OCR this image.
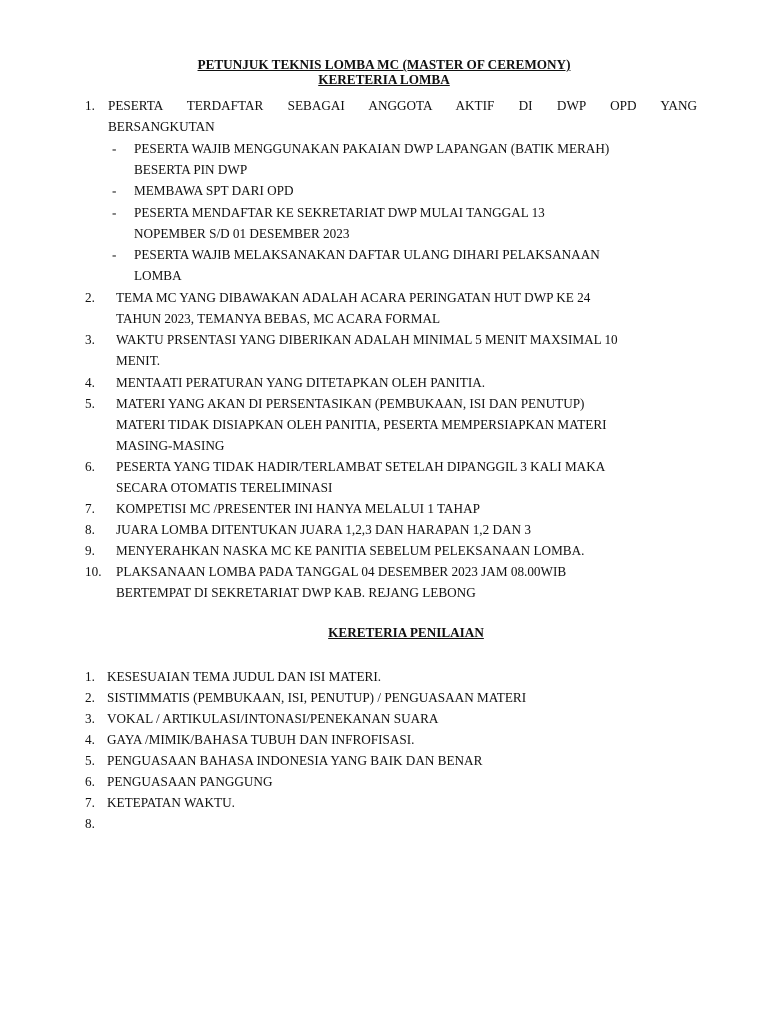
PETUNJUK TEKNIS LOMBA MC (MASTER OF CEREMONY)
KERETERIA LOMBA
1. PESERTA TERDAFTAR SEBAGAI ANGGOTA AKTIF DI DWP OPD YANG
BERSANGKUTAN
- PESERTA WAJIB MENGGUNAKAN PAKAIAN DWP LAPANGAN (BATIK MERAH)
BESERTA PIN DWP
- MEMBAWA SPT DARI OPD
- PESERTA MENDAFTAR KE SEKRETARIAT DWP MULAI TANGGAL 13
NOPEMBER S/D 01 DESEMBER 2023
- PESERTA WAJIB MELAKSANAKAN DAFTAR ULANG DIHARI PELAKSANAAN
LOMBA
2. TEMA MC YANG DIBAWAKAN ADALAH ACARA PERINGATAN HUT DWP KE 24
TAHUN 2023, TEMANYA BEBAS, MC ACARA FORMAL
3. WAKTU PRSENTASI YANG DIBERIKAN ADALAH MINIMAL 5 MENIT MAXSIMAL 10
MENIT.
4. MENTAATI PERATURAN YANG DITETAPKAN OLEH PANITIA.
5. MATERI YANG AKAN DI PERSENTASIKAN (PEMBUKAAN, ISI DAN PENUTUP)
MATERI TIDAK DISIAPKAN OLEH PANITIA, PESERTA MEMPERSIAPKAN MATERI
MASING-MASING
6. PESERTA YANG TIDAK HADIR/TERLAMBAT SETELAH DIPANGGIL 3 KALI MAKA
SECARA OTOMATIS TERELIMINASI
7. KOMPETISI MC /PRESENTER INI HANYA MELALUI 1 TAHAP
8. JUARA LOMBA DITENTUKAN JUARA 1,2,3 DAN HARAPAN 1,2 DAN 3
9. MENYERAHKAN NASKA MC KE PANITIA SEBELUM PELEKSANAAN LOMBA.
10. PLAKSANAAN LOMBA PADA TANGGAL 04 DESEMBER 2023 JAM 08.00WIB
BERTEMPAT DI SEKRETARIAT DWP KAB. REJANG LEBONG
KERETERIA PENILAIAN
1. KESESUAIAN TEMA JUDUL DAN ISI MATERI.
2. SISTIMMATIS (PEMBUKAAN, ISI, PENUTUP) / PENGUASAAN MATERI
3. VOKAL / ARTIKULASI/INTONASI/PENEKANAN SUARA
4. GAYA /MIMIK/BAHASA TUBUH DAN INFROFISASI.
5. PENGUASAAN BAHASA INDONESIA YANG BAIK DAN BENAR
6. PENGUASAAN PANGGUNG
7. KETEPATAN WAKTU.
8.
